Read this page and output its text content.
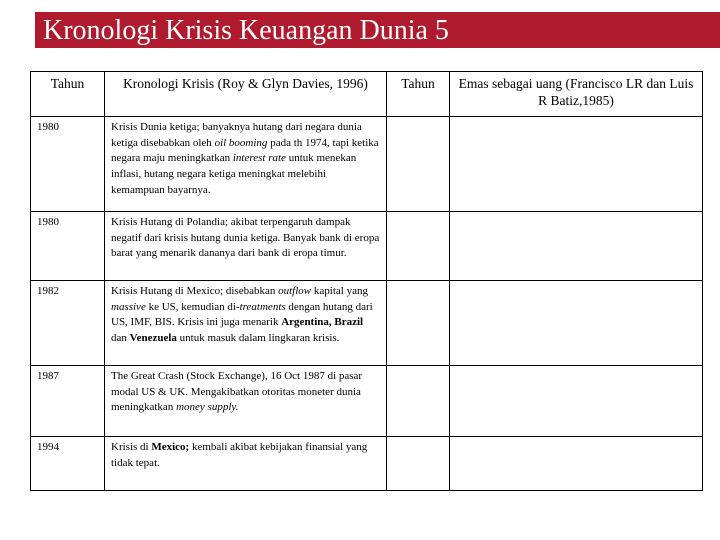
Kronologi Krisis Keuangan Dunia 5
Tahun	Kronologi Krisis (Roy & Glyn Davies, 1996)	Tahun	Emas sebagai uang (Francisco LR dan Luis R Batiz,1985)
1980	Krisis Dunia ketiga; banyaknya hutang dari negara dunia ketiga disebabkan oleh oil booming pada th 1974, tapi ketika negara maju meningkatkan interest rate untuk menekan inflasi, hutang negara ketiga meningkat melebihi kemampuan bayarnya.		
1980	Krisis Hutang di Polandia; akibat terpengaruh dampak negatif dari krisis hutang dunia ketiga. Banyak bank di eropa barat yang menarik dananya dari bank di eropa timur.		
1982	Krisis Hutang di Mexico; disebabkan outflow kapital yang massive ke US, kemudian di-treatments dengan hutang dari US, IMF, BIS. Krisis ini juga menarik Argentina, Brazil dan Venezuela untuk masuk dalam lingkaran krisis.		
1987	The Great Crash (Stock Exchange), 16 Oct 1987 di pasar modal US & UK. Mengakibatkan otoritas moneter dunia meningkatkan money supply.		
1994	Krisis di Mexico; kembali akibat kebijakan finansial yang tidak tepat.		
